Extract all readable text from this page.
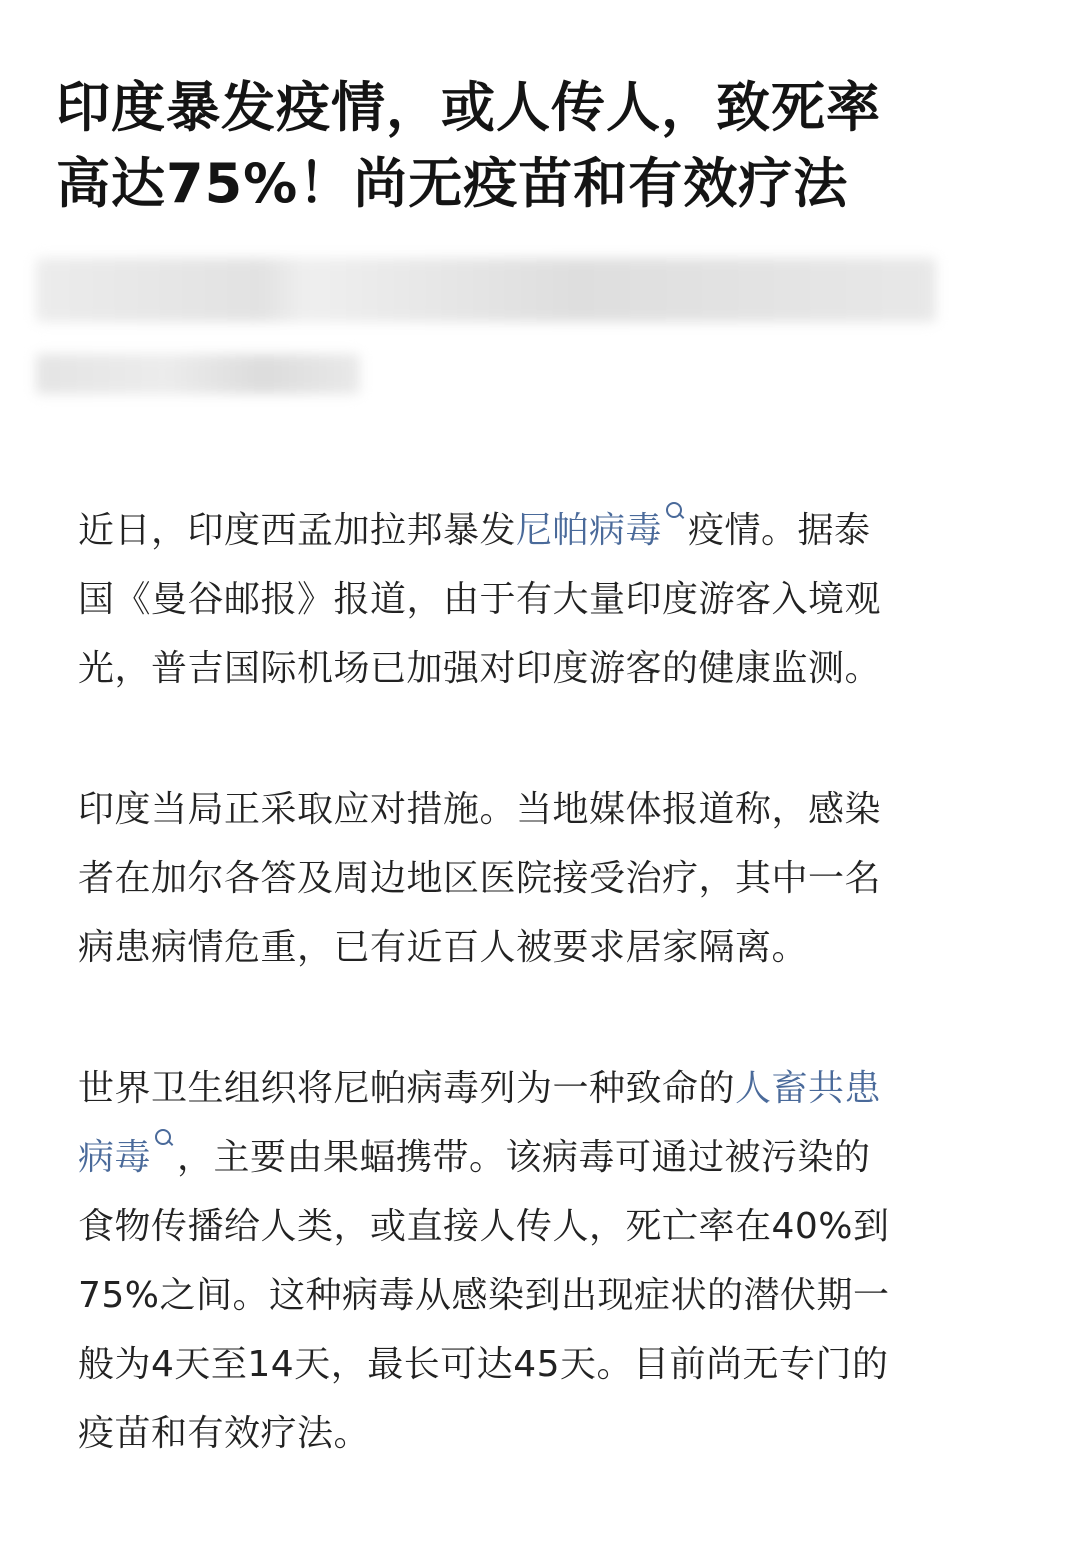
印度暴发疫情，或人传人，致死率
高达75%！尚无疫苗和有效疗法

近日，印度西孟加拉邦暴发尼帕病毒 疫情。据泰
国《曼谷邮报》报道，由于有大量印度游客入境观
光，普吉国际机场已加强对印度游客的健康监测。

印度当局正采取应对措施。当地媒体报道称，感染
者在加尔各答及周边地区医院接受治疗，其中一名
病患病情危重，已有近百人被要求居家隔离。

世界卫生组织将尼帕病毒列为一种致命的人畜共患
病毒 ，主要由果蝠携带。该病毒可通过被污染的
食物传播给人类，或直接人传人，死亡率在40%到
75%之间。这种病毒从感染到出现症状的潜伏期一
般为4天至14天，最长可达45天。目前尚无专门的
疫苗和有效疗法。
